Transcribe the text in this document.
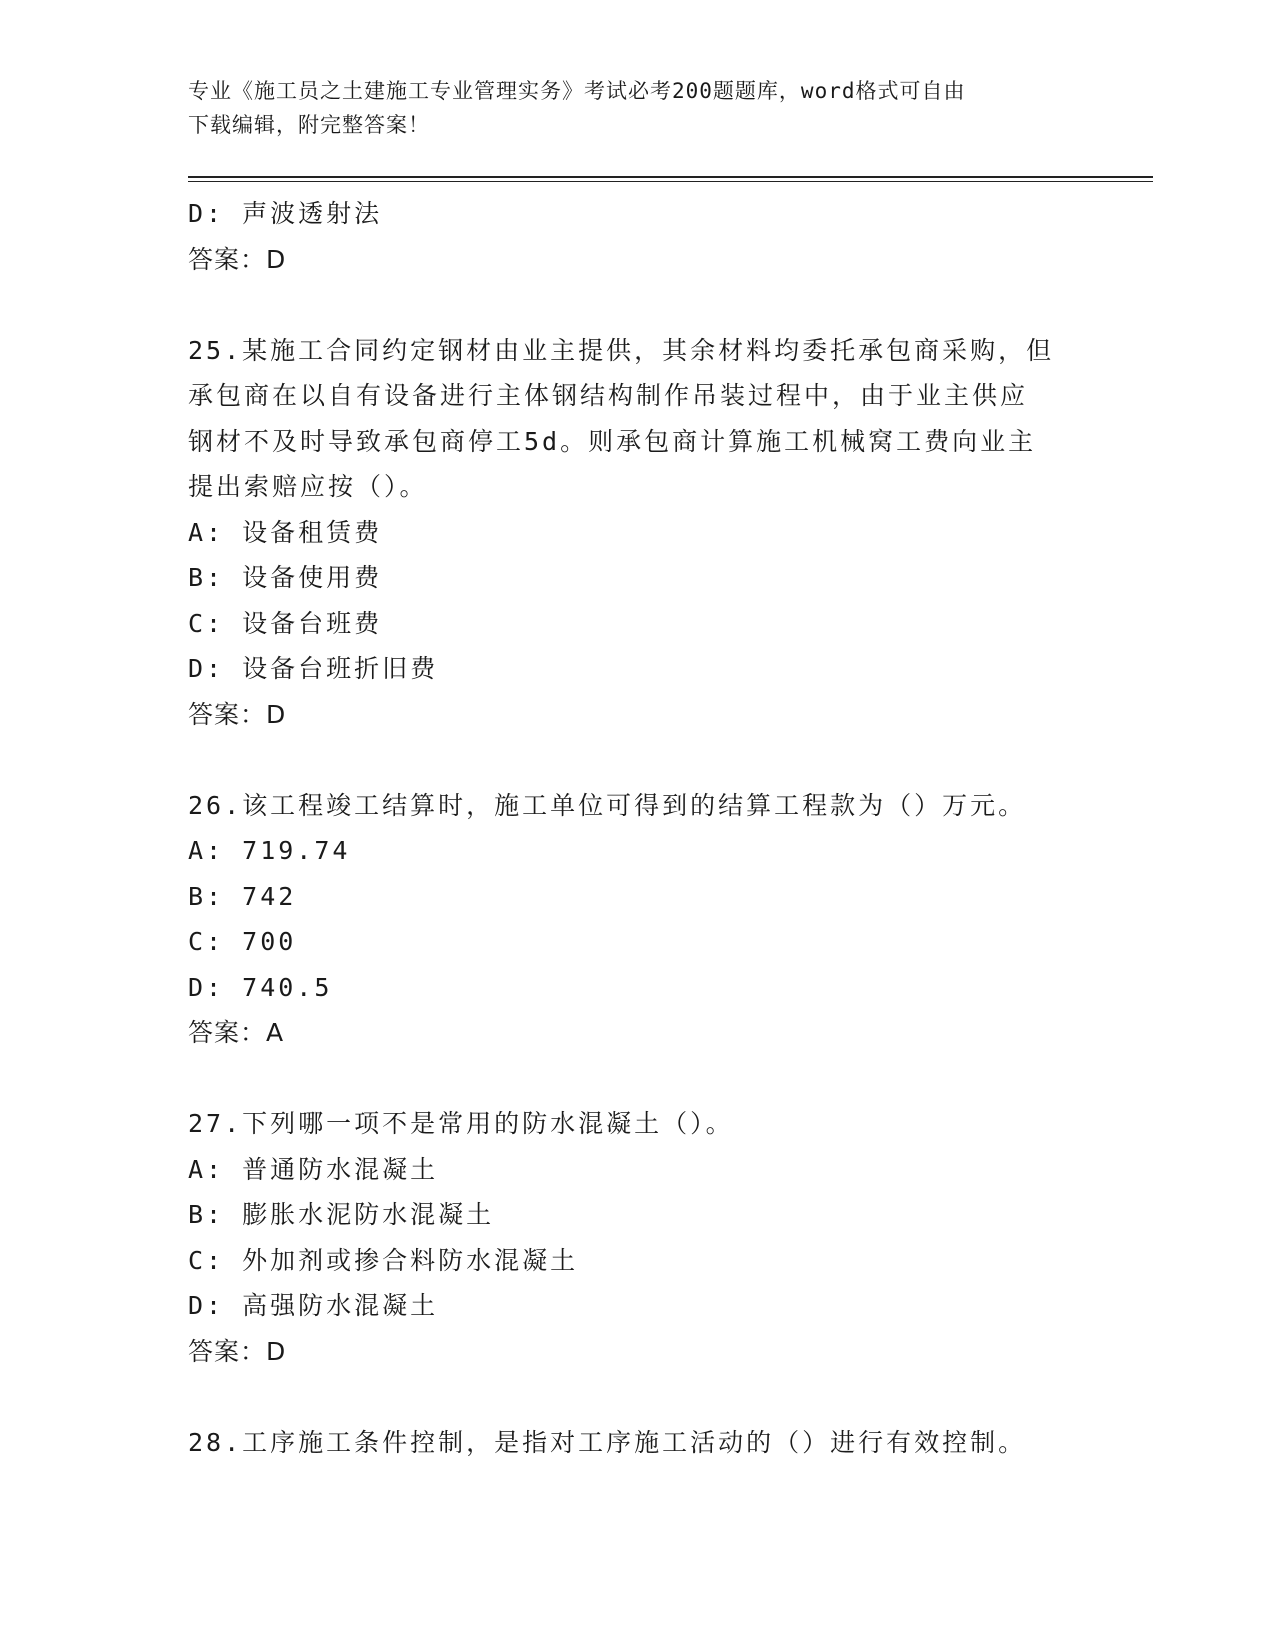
专业《施工员之土建施工专业管理实务》考试必考200题题库，word格式可自由
下载编辑，附完整答案！
D: 声波透射法
答案：D
25.某施工合同约定钢材由业主提供，其余材料均委托承包商采购，但
承包商在以自有设备进行主体钢结构制作吊装过程中，由于业主供应
钢材不及时导致承包商停工5d。则承包商计算施工机械窝工费向业主
提出索赔应按（）。
A: 设备租赁费
B: 设备使用费
C: 设备台班费
D: 设备台班折旧费
答案：D
26.该工程竣工结算时，施工单位可得到的结算工程款为（）万元。
A: 719.74
B: 742
C: 700
D: 740.5
答案：A
27.下列哪一项不是常用的防水混凝土（）。
A: 普通防水混凝土
B: 膨胀水泥防水混凝土
C: 外加剂或掺合料防水混凝土
D: 高强防水混凝土
答案：D
28.工序施工条件控制，是指对工序施工活动的（）进行有效控制。
